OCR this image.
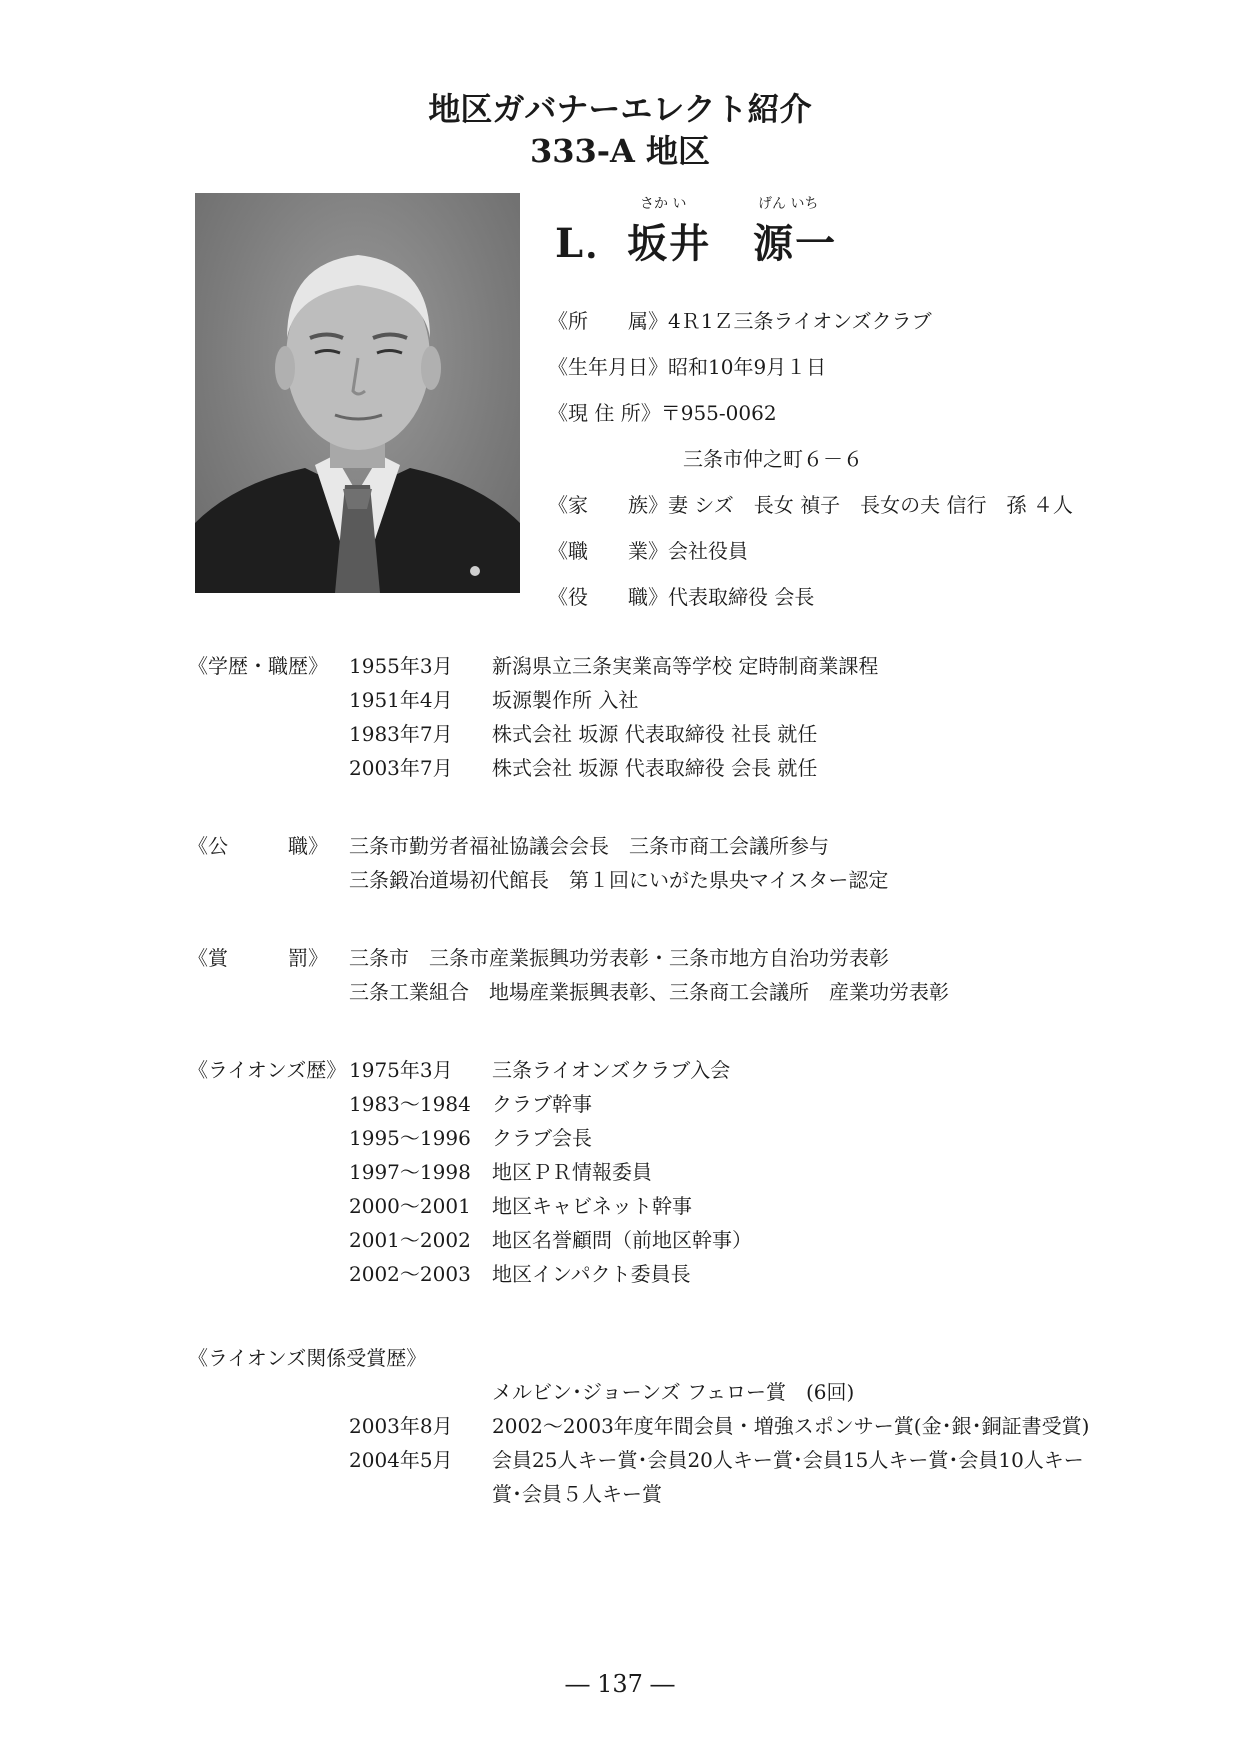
地区ガバナーエレクト紹介
333-A 地区
さか い	げん いち
L．坂井　源一
《所　　属》4Ｒ1Ｚ三条ライオンズクラブ
《生年月日》昭和10年9月１日
《現 住 所》〒955-0062
三条市仲之町６－６
《家　　族》妻 シズ　長女 禎子　長女の夫 信行　孫 ４人
《職　　業》会社役員
《役　　職》代表取締役 会長
《学歴・職歴》 1955年3月 新潟県立三条実業高等学校 定時制商業課程
1951年4月 坂源製作所 入社
1983年7月 株式会社 坂源 代表取締役 社長 就任
2003年7月 株式会社 坂源 代表取締役 会長 就任
《公　　　職》 三条市勤労者福祉協議会会長　三条市商工会議所参与
三条鍛冶道場初代館長　第１回にいがた県央マイスター認定
《賞　　　罰》 三条市　三条市産業振興功労表彰・三条市地方自治功労表彰
三条工業組合　地場産業振興表彰、三条商工会議所　産業功労表彰
《ライオンズ歴》 1975年3月 三条ライオンズクラブ入会
1983～1984 クラブ幹事
1995～1996 クラブ会長
1997～1998 地区ＰＲ情報委員
2000～2001 地区キャビネット幹事
2001～2002 地区名誉顧問（前地区幹事）
2002～2003 地区インパクト委員長
《ライオンズ関係受賞歴》
メルビン･ジョーンズ フェロー賞　(6回)
2003年8月 2002～2003年度年間会員・増強スポンサー賞(金･銀･銅証書受賞)
2004年5月 会員25人キー賞･会員20人キー賞･会員15人キー賞･会員10人キー
賞･会員５人キー賞
― 137 ―
